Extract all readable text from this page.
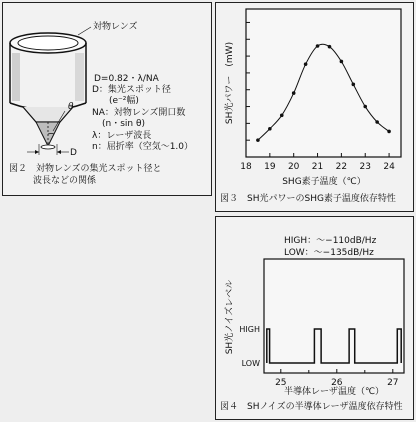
対物レンズ
D=0.82・λ/NA
D：集光スポット径
(e⁻²幅)
NA：対物レンズ開口数
(n・sin θ)
λ：レーザ波長
n：屈折率（空気～1.0）
θ
D
図２　対物レンズの集光スポット径と
波長などの関係
SH光パワー　(mW)
SHG素子温度（℃）
18 19 20 21 22 23 24
図３　SH光パワーのSHG素子温度依存特性
SH光ノイズレベル
半導体レーザ温度（℃）
HIGH：～−110dB/Hz
LOW：～−135dB/Hz
25	26	27
LOW
HIGH
図４　SHノイズの半導体レーザ温度依存特性
